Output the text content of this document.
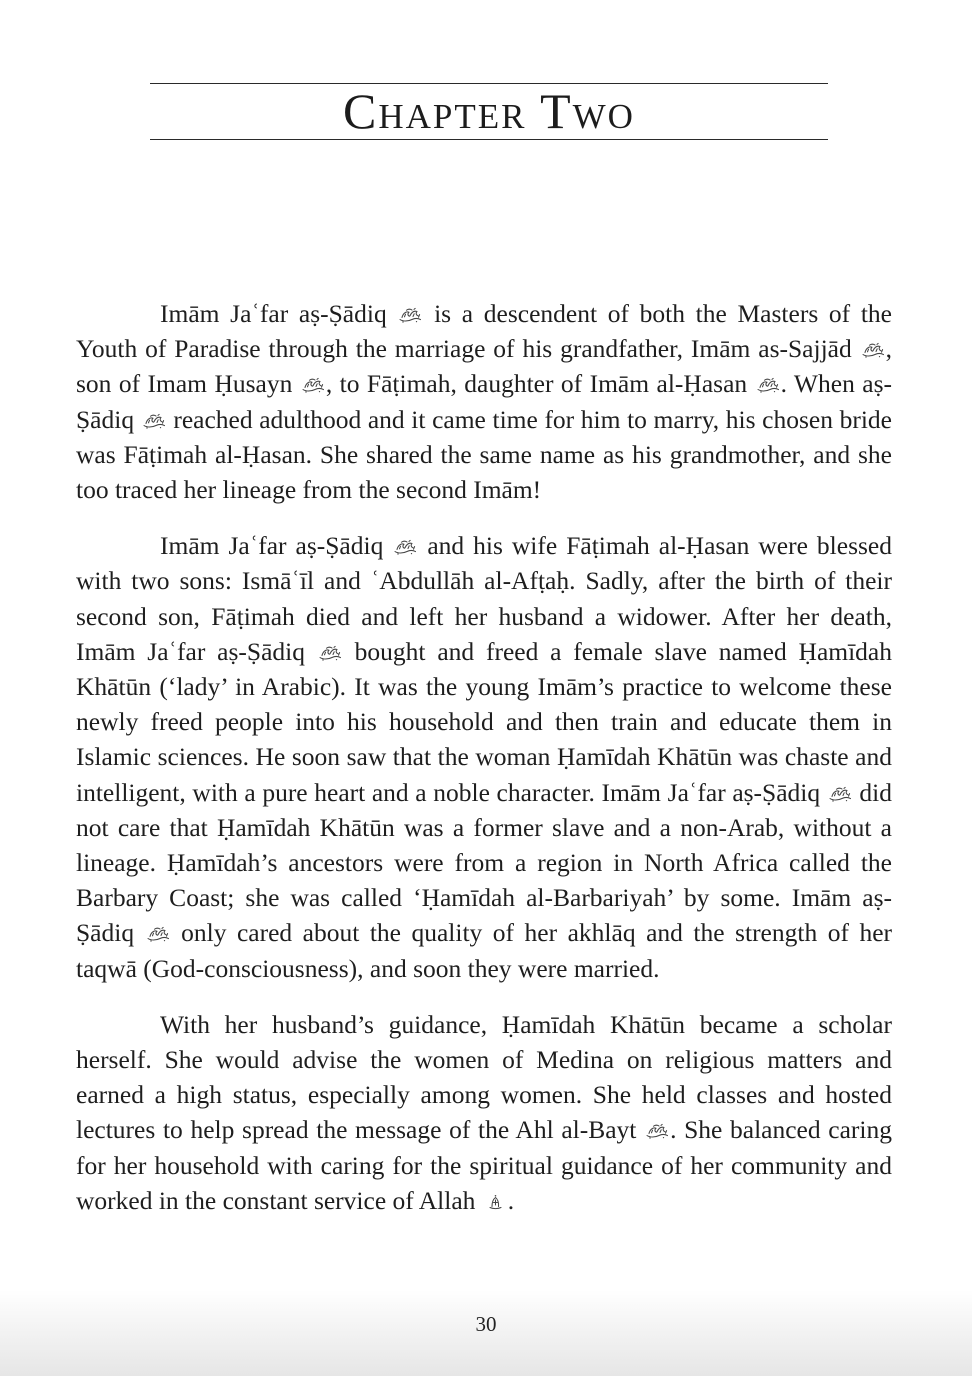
Chapter Two

Imām Jaʿfar aṣ-Ṣādiq is a descendent of both the Masters of the Youth of Paradise through the marriage of his grandfather, Imām as-Sajjād , son of Imam Ḥusayn , to Fāṭimah, daughter of Imām al-Ḥasan . When aṣ-Ṣādiq reached adulthood and it came time for him to marry, his chosen bride was Fāṭimah al-Ḥasan. She shared the same name as his grandmother, and she too traced her lineage from the second Imām!

Imām Jaʿfar aṣ-Ṣādiq and his wife Fāṭimah al-Ḥasan were blessed with two sons: Ismāʿīl and ʿAbdullāh al-Afṭaḥ. Sadly, after the birth of their second son, Fāṭimah died and left her husband a widower. After her death, Imām Jaʿfar aṣ-Ṣādiq bought and freed a female slave named Ḥamīdah Khātūn (‘lady’ in Arabic). It was the young Imām’s practice to welcome these newly freed people into his household and then train and educate them in Islamic sciences. He soon saw that the woman Ḥamīdah Khātūn was chaste and intelligent, with a pure heart and a noble character. Imām Jaʿfar aṣ-Ṣādiq did not care that Ḥamīdah Khātūn was a former slave and a non-Arab, without a lineage. Ḥamīdah’s ancestors were from a region in North Africa called the Barbary Coast; she was called ‘Ḥamīdah al-Barbariyah’ by some. Imām aṣ-Ṣādiq only cared about the quality of her akhlāq and the strength of her taqwā (God-consciousness), and soon they were married.

With her husband’s guidance, Ḥamīdah Khātūn became a scholar herself. She would advise the women of Medina on religious matters and earned a high status, especially among women. She held classes and hosted lectures to help spread the message of the Ahl al-Bayt . She balanced caring for her household with caring for the spiritual guidance of her community and worked in the constant service of Allah .

30
